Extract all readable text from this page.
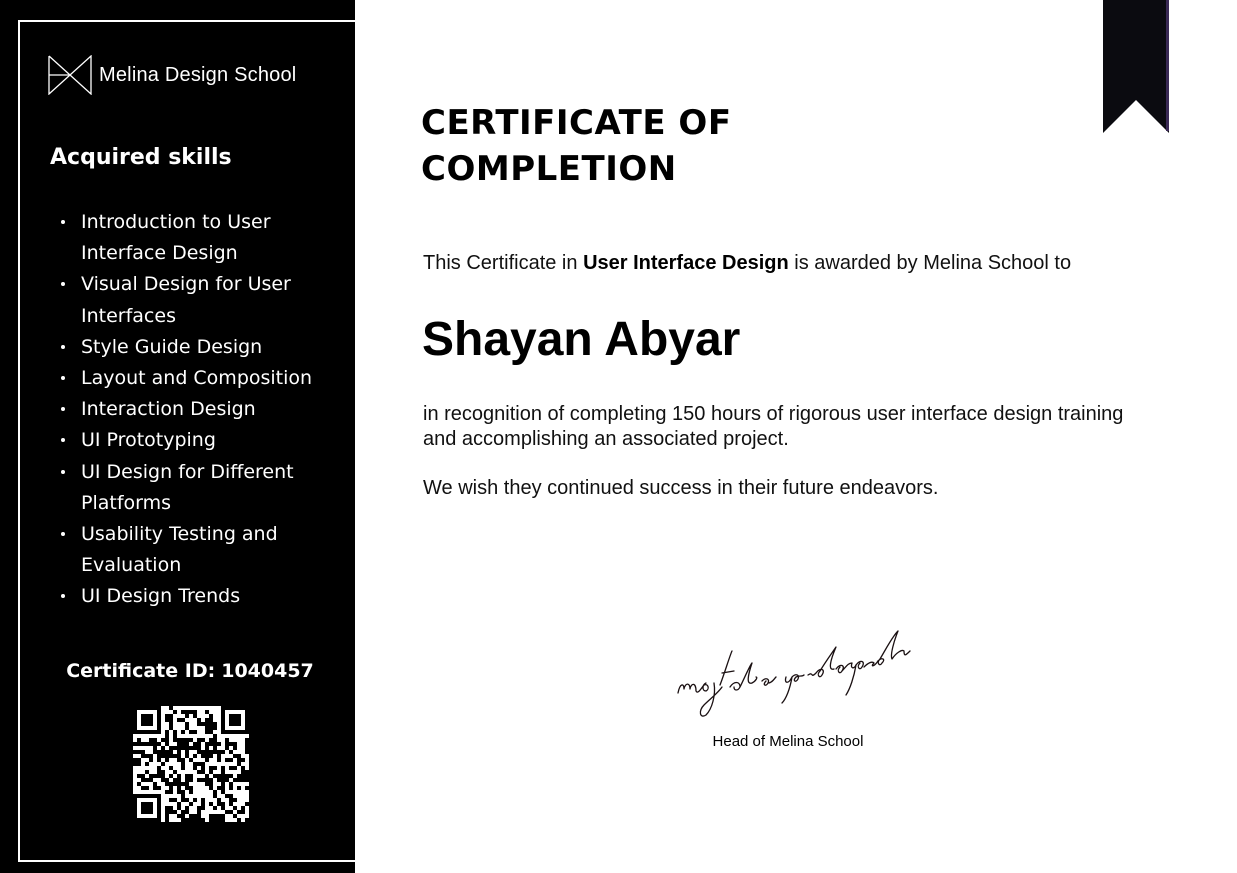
Melina Design School
Acquired skills
Introduction to User Interface Design
Visual Design for User Interfaces
Style Guide Design
Layout and Composition
Interaction Design
UI Prototyping
UI Design for Different Platforms
Usability Testing and Evaluation
UI Design Trends
Certificate ID: 1040457
CERTIFICATE OF
COMPLETION

This Certificate in User Interface Design is awarded by Melina School to

Shayan Abyar

in recognition of completing 150 hours of rigorous user interface design training and accomplishing an associated project.

We wish they continued success in their future endeavors.

Head of Melina School
